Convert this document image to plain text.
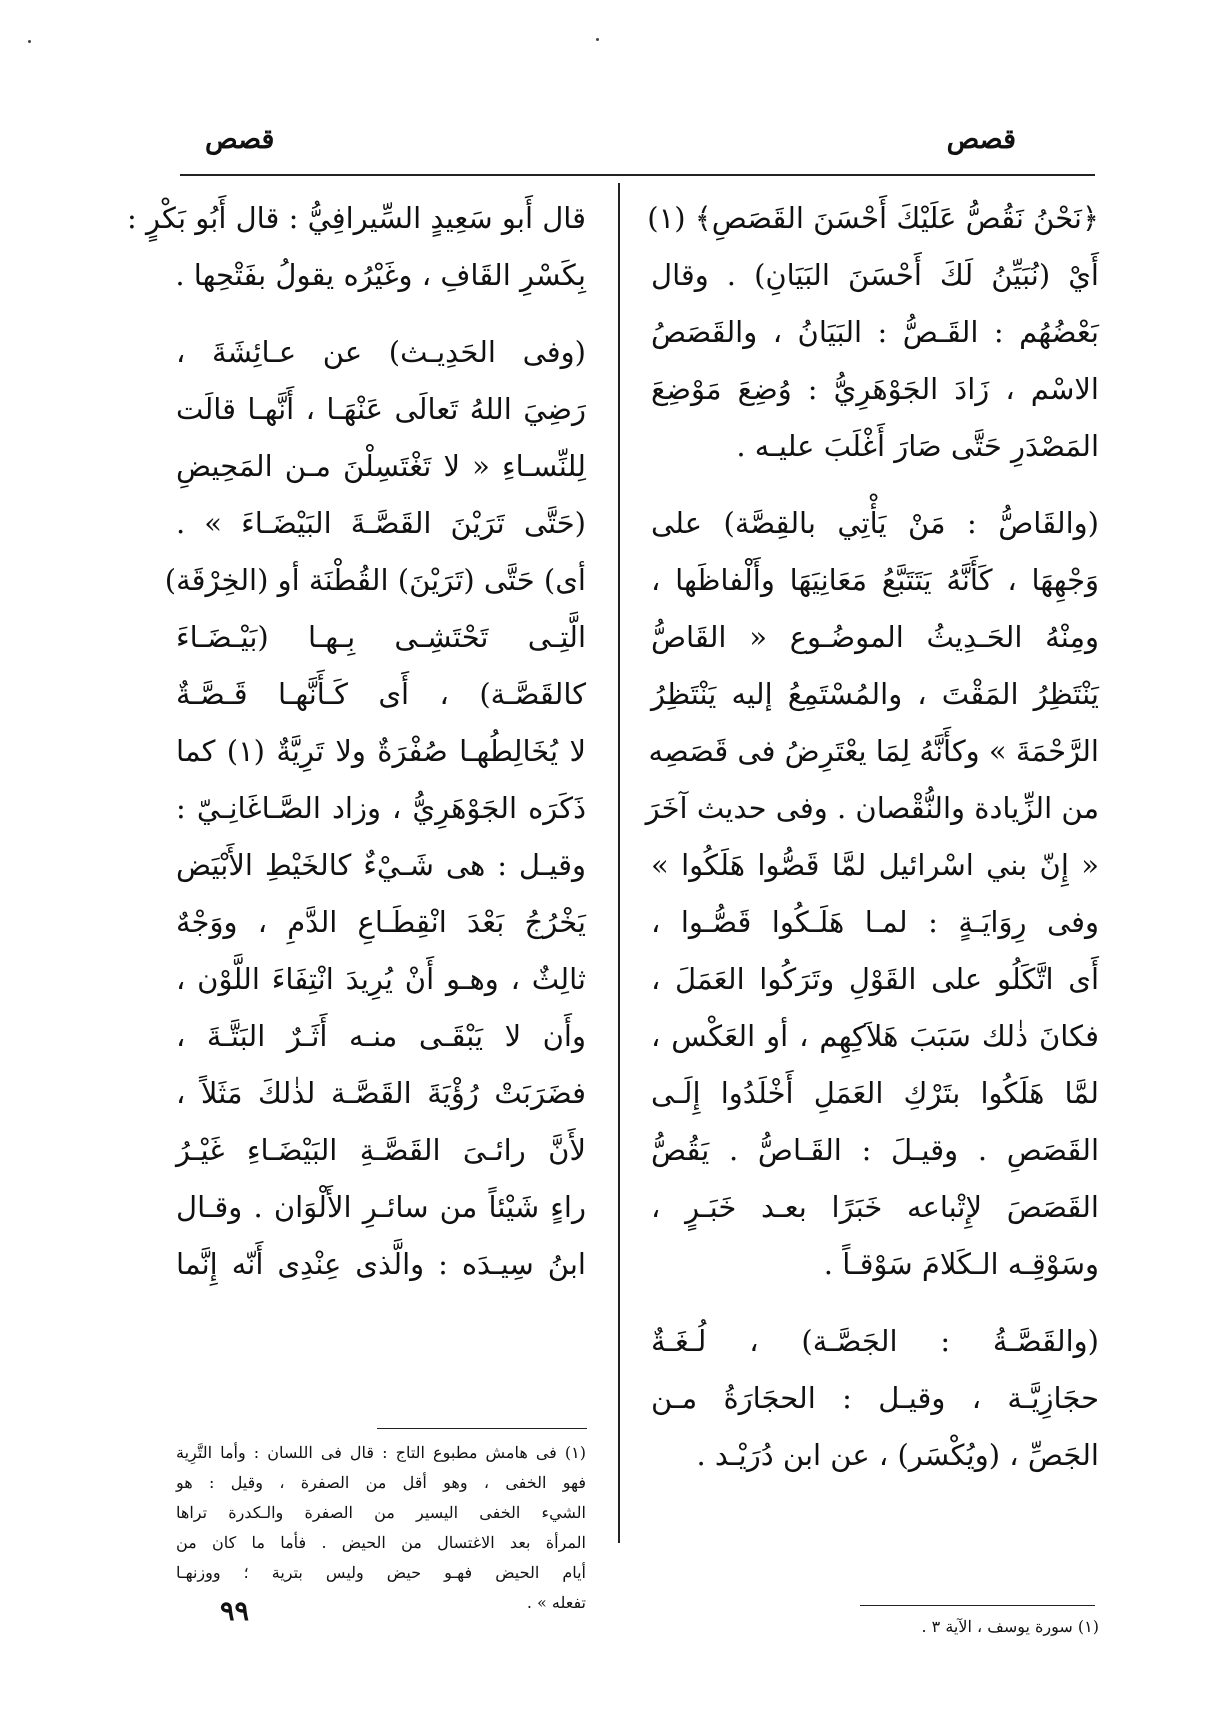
قصص
قصص
﴿نَحْنُ نَقُصُّ عَلَيْكَ أَحْسَنَ القَصَصِ﴾ (١)
أَيْ (نُبَيِّنُ لَكَ أَحْسَنَ البَيَانِ) . وقال
بَعْضُهُم : القَـصُّ : البَيَانُ ، والقَصَصُ
الاسْم ، زَادَ الجَوْهَرِيُّ : وُضِعَ مَوْضِعَ
المَصْدَرِ حَتَّى صَارَ أَغْلَبَ عليـه .
(والقَاصُّ : مَنْ يَأْتِي بالقِصَّة) على
وَجْهِهَا ، كَأَنَّهُ يَتَتَبَّعُ مَعَانِيَهَا وأَلْفاظَها ،
ومِنْهُ الحَـدِيثُ الموضُـوع « القَاصُّ
يَنْتَظِرُ المَقْتَ ، والمُسْتَمِعُ إليه يَنْتَظِرُ
الرَّحْمَةَ » وكأَنَّهُ لِمَا يعْتَرِضُ فى قَصَصِه
من الزِّيادة والنُّقْصان . وفى حديث آخَرَ
« إِنّ بني اسْرائيل لمَّا قَصُّوا هَلَكُوا »
وفى رِوَايَـةٍ : لمـا هَلَـكُوا قَصُّـوا ،
أَى اتَّكَلُو على القَوْلِ وتَرَكُوا العَمَلَ ،
فكانَ ذٰلك سَبَبَ هَلاَكِهِم ، أو العَكْس ،
لمَّا هَلَكُوا بتَرْكِ العَمَلِ أَخْلَدُوا إِلَـى
القَصَصِ . وقيـلَ : القَـاصُّ . يَقُصُّ
القَصَصَ لإِتْباعه خَبَرًا بعـد خَبَـرٍ ،
وسَوْقِـه الـكَلامَ سَوْقـاً .
(والقَصَّـةُ : الجَصَّـة) ، لُـغَـةٌ
حجَازِيَّـة ، وقيـل : الحجَارَةُ مـن
الجَصِّ ، (ويُكْسَر) ، عن ابن دُرَيْـد .
قال أَبو سَعِيدٍ السِّيرافِيُّ : قال أَبُو بَكْرٍ :
بِكَسْرِ القَافِ ، وغَيْرُه يقولُ بفَتْحِها .
(وفى الحَدِيـث) عن عـائِشَةَ ،
رَضِيَ اللهُ تَعالَى عَنْهَـا ، أَنَّهـا قالَت
لِلنِّسـاءِ « لا تَغْتَسِلْنَ مـن المَحِيضِ
(حَتَّى تَرَيْنَ القَصَّـةَ البَيْضَـاءَ » .
أى) حَتَّى (تَرَيْنَ) القُطْنَة أو (الخِرْقَة)
الَّتِـى تَحْتَشِـى بِـهـا (بَيْـضَـاءَ
كالقَصَّـة) ، أَى كَـأَنَّهـا قَـصَّـةٌ
لا يُخَالِطُهـا صُفْرَةٌ ولا تَرِيَّةٌ (١) كما
ذَكَرَه الجَوْهَرِيُّ ، وزاد الصَّـاغَانِـيّ :
وقيـل : هى شَـيْءٌ كالخَيْطِ الأَبْيَض
يَخْرُجُ بَعْدَ انْقِطَـاعِ الدَّمِ ، ووَجْهٌ
ثالِثٌ ، وهـو أَنْ يُرِيدَ انْتِفَاءَ اللَّوْن ،
وأَن لا يَبْقَـى منـه أَثَـرٌ البَتَّـةَ ،
فضَرَبَتْ رُؤْيَةَ القَصَّـة لذٰلكَ مَثَلاً ،
لأَنَّ رائـىَ القَصَّـةِ البَيْضَـاءِ غَيْـرُ
راءٍ شَيْئاً من سائـرِ الأَلْوَان . وقـال
ابنُ سِيـدَه : والَّذى عِنْدِى أَنّه إِنَّما
(١) فى هامش مطبوع التاج : قال فى اللسان : وأما التَّرِية
فهو الخفى ، وهو أقل من الصفرة ، وقيل : هو
الشيء الخفى اليسير من الصفرة والـكدرة تراها
المرأة بعد الاغتسال من الحيض . فأما ما كان من
أيام الحيض فهـو حيض وليس بترية ؛ ووزنهـا
تفعله » .
(١) سورة يوسف ، الآية ٣ .
٩٩
